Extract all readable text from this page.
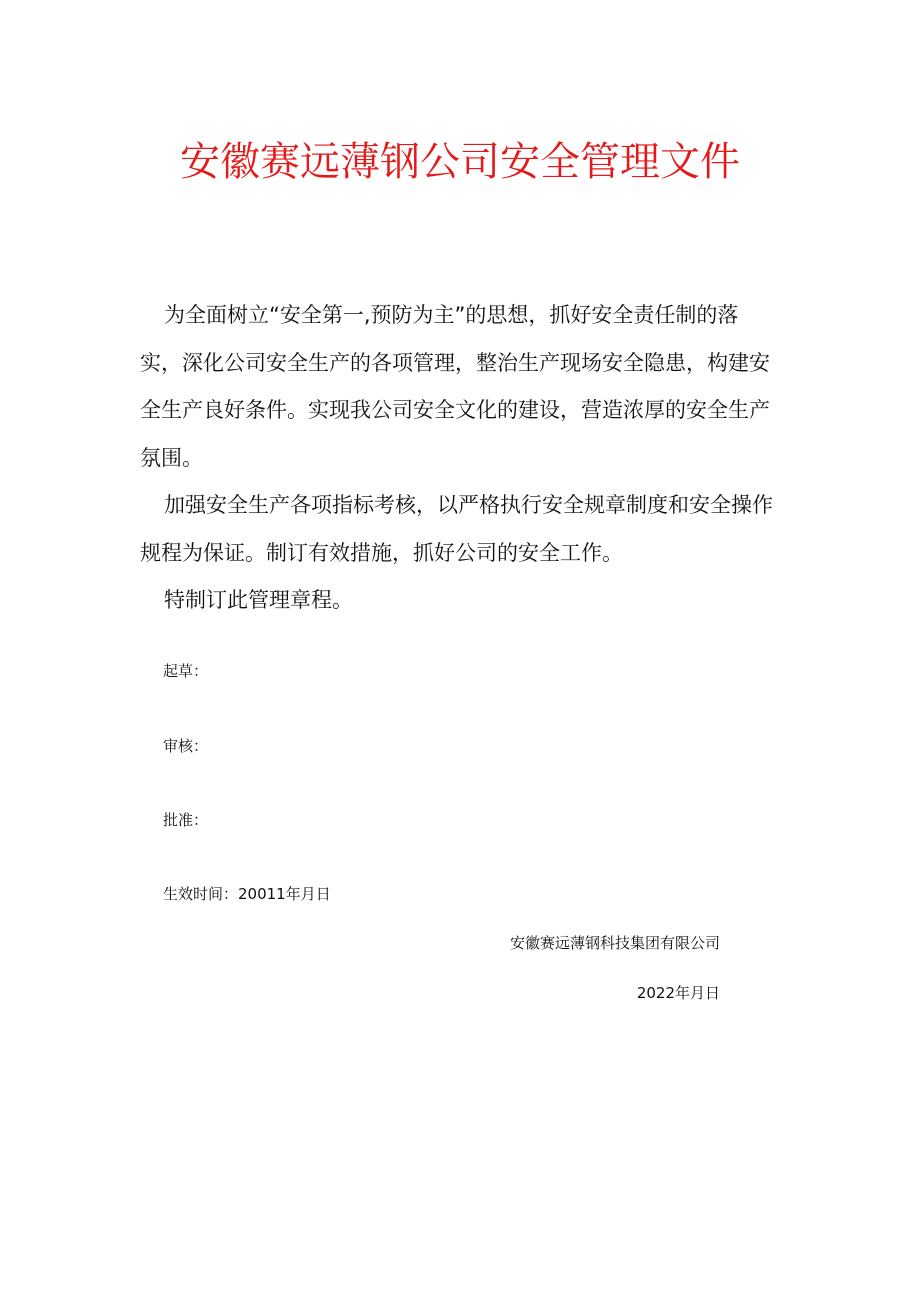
安徽赛远薄钢公司安全管理文件

为全面树立“安全第一,预防为主”的思想，抓好安全责任制的落实，深化公司安全生产的各项管理，整治生产现场安全隐患，构建安全生产良好条件。实现我公司安全文化的建设，营造浓厚的安全生产氛围。

加强安全生产各项指标考核，以严格执行安全规章制度和安全操作规程为保证。制订有效措施，抓好公司的安全工作。

特制订此管理章程。

起草：

审核：

批准：

生效时间：20011年月日

安徽赛远薄钢科技集团有限公司

2022年月日
